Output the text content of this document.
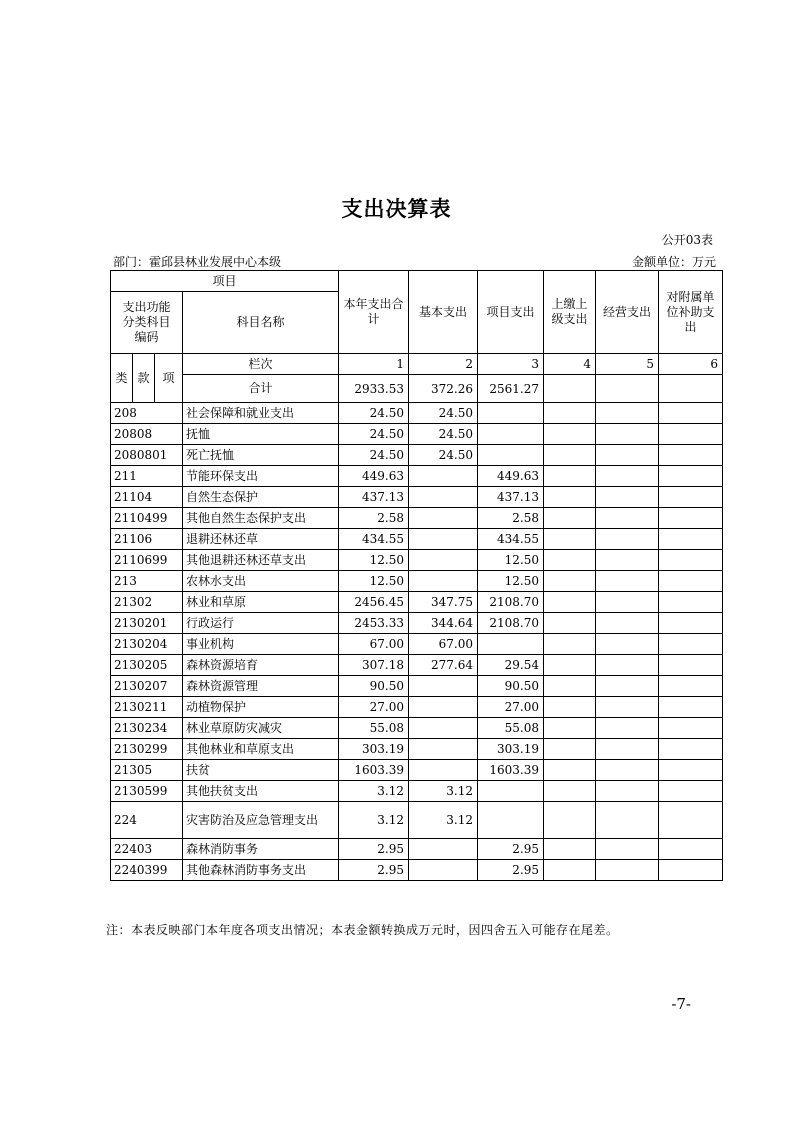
支出决算表
公开03表
部门：霍邱县林业发展中心本级	金额单位：万元
项目				本年支出合计	基本支出	项目支出	上缴上级支出	经营支出	对附属单位补助支出
支出功能分类科目编码			科目名称						
类	款	项	栏次	1	2	3	4	5	6
			合计	2933.53	372.26	2561.27			
208			社会保障和就业支出	24.50	24.50				
20808			抚恤	24.50	24.50				
2080801			死亡抚恤	24.50	24.50				
211			节能环保支出	449.63		449.63			
21104			自然生态保护	437.13		437.13			
2110499			其他自然生态保护支出	2.58		2.58			
21106			退耕还林还草	434.55		434.55			
2110699			其他退耕还林还草支出	12.50		12.50			
213			农林水支出	12.50		12.50			
21302			林业和草原	2456.45	347.75	2108.70			
2130201			行政运行	2453.33	344.64	2108.70			
2130204			事业机构	67.00	67.00				
2130205			森林资源培育	307.18	277.64	29.54			
2130207			森林资源管理	90.50		90.50			
2130211			动植物保护	27.00		27.00			
2130234			林业草原防灾减灾	55.08		55.08			
2130299			其他林业和草原支出	303.19		303.19			
21305			扶贫	1603.39		1603.39			
2130599			其他扶贫支出	3.12	3.12				
224			灾害防治及应急管理支出	3.12	3.12				
22403			森林消防事务	2.95		2.95			
2240399			其他森林消防事务支出	2.95		2.95			
注：本表反映部门本年度各项支出情况；本表金额转换成万元时，因四舍五入可能存在尾差。
-7-
